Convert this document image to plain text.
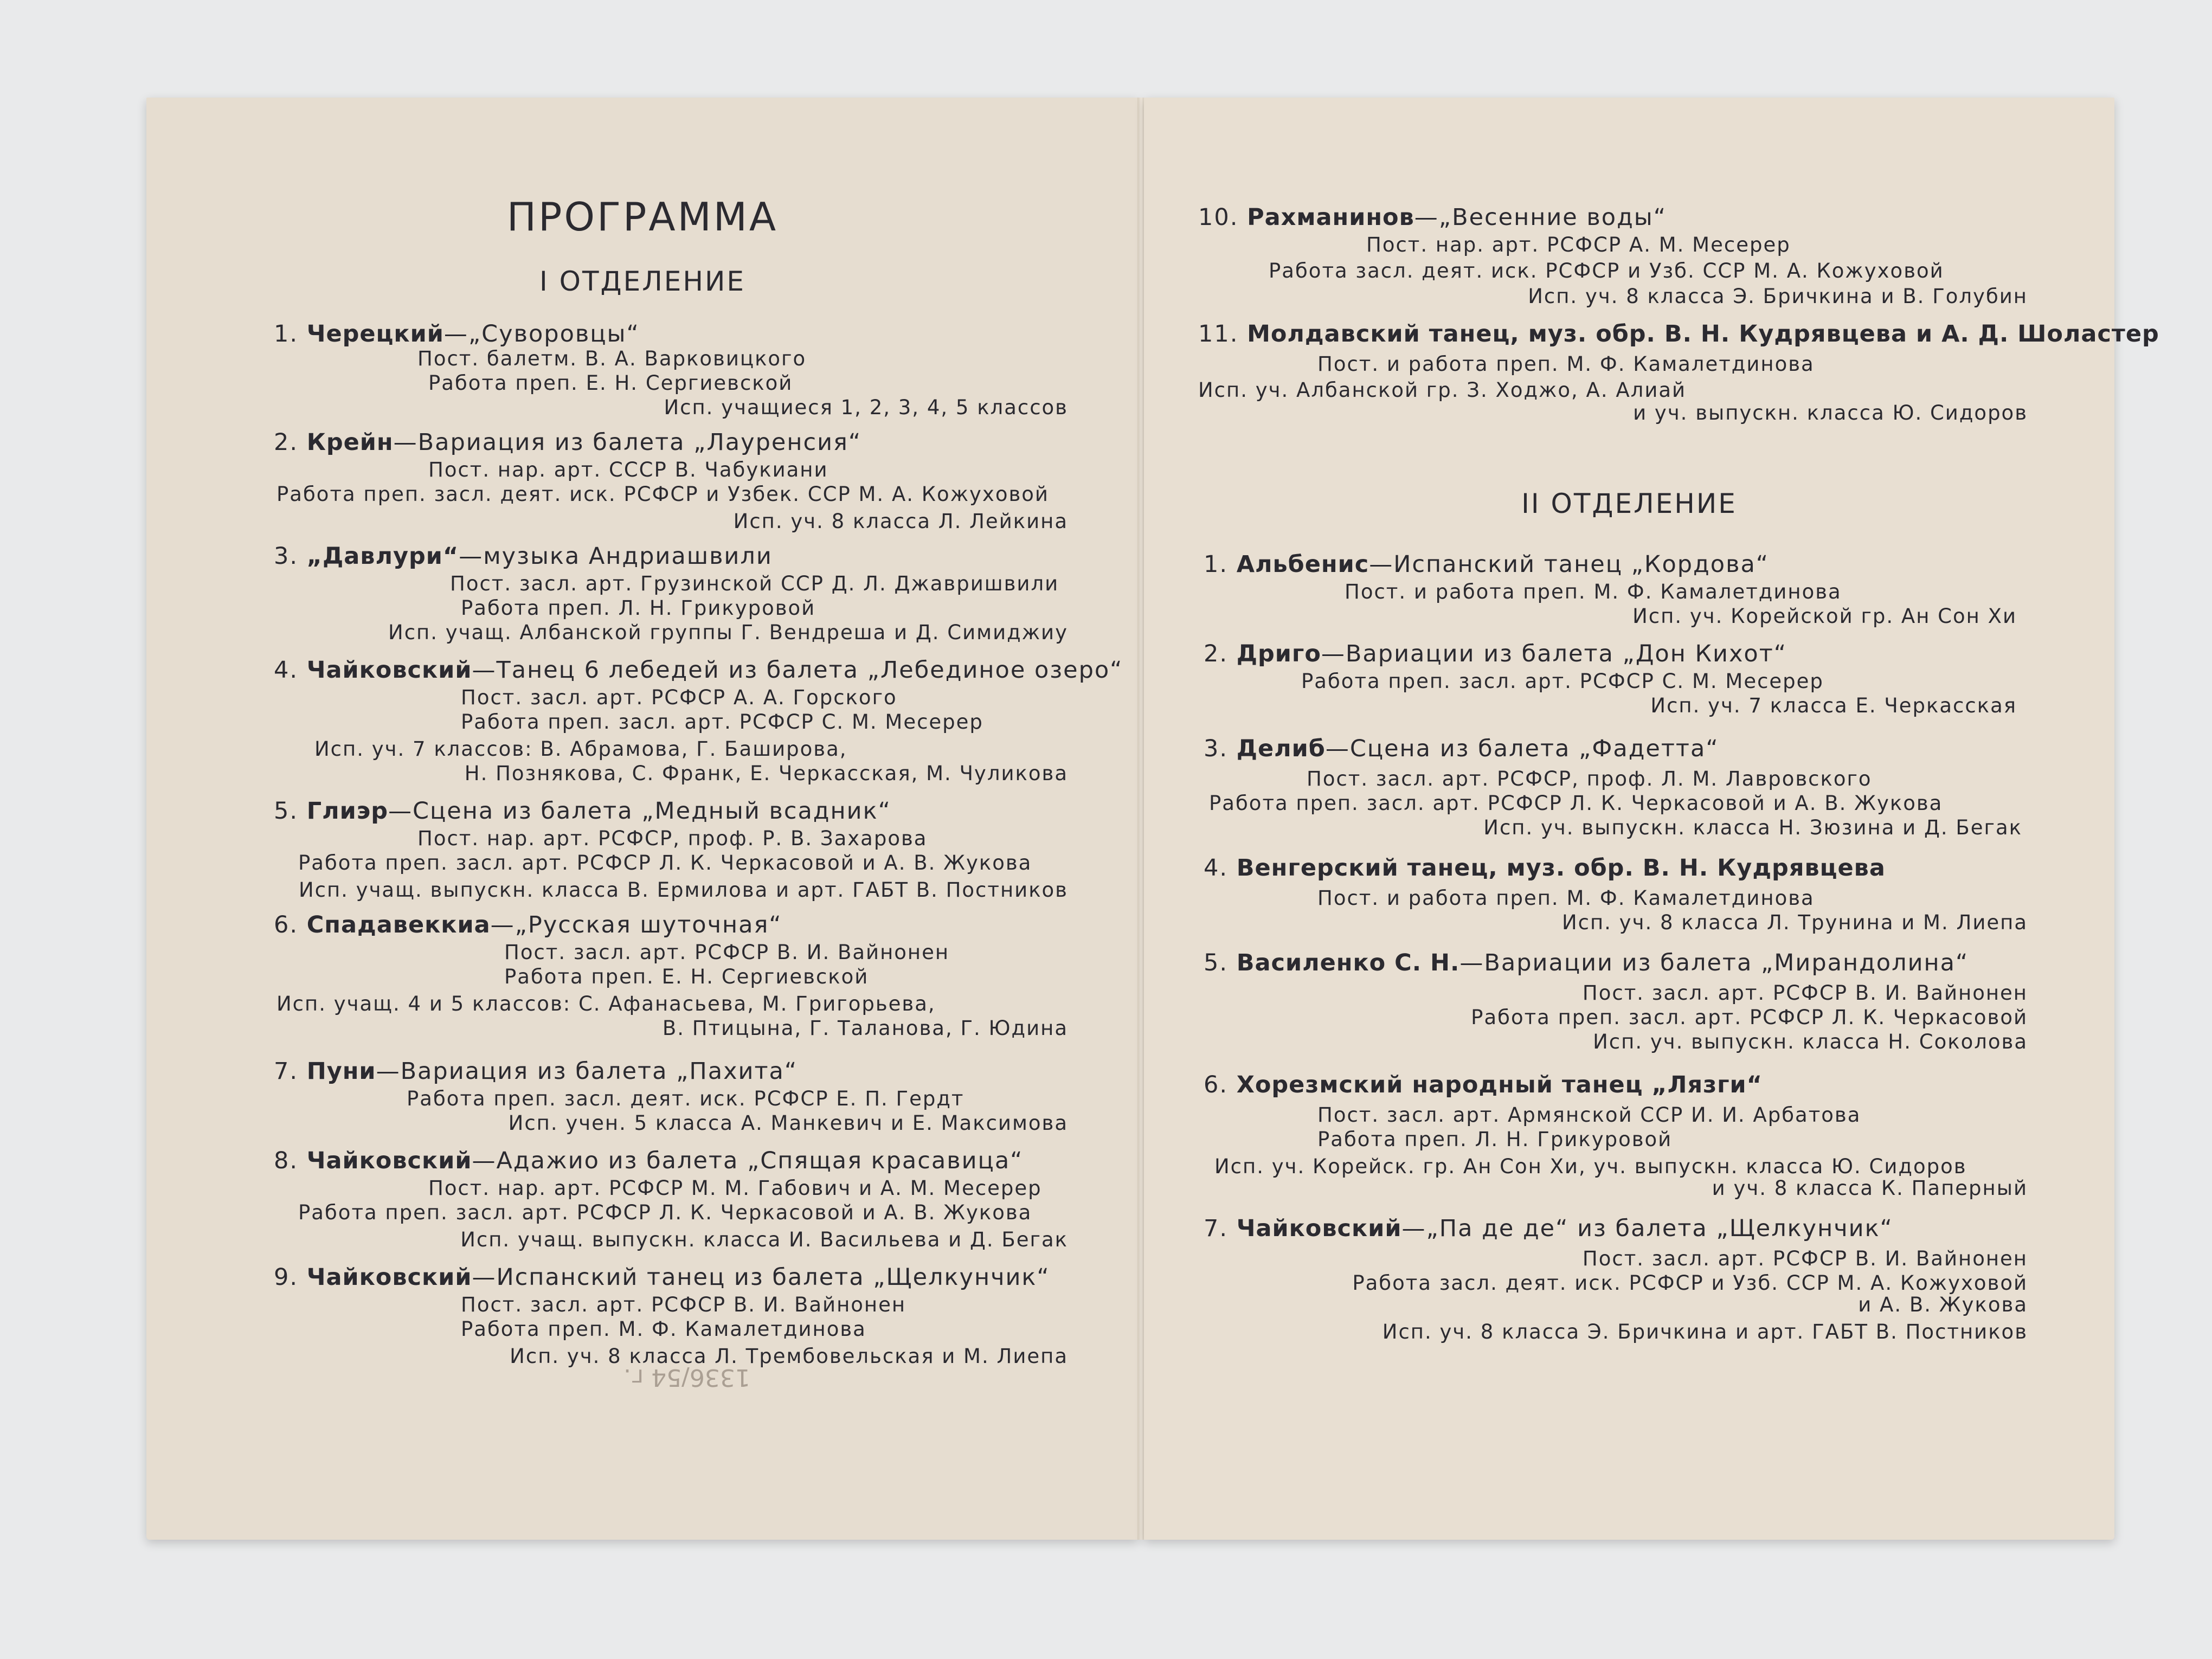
ПРОГРАММА
I ОТДЕЛЕНИЕ
1. Черецкий—„Суворовцы“
Пост. балетм. В. А. Варковицкого
Работа преп. Е. Н. Сергиевской
Исп. учащиеся 1, 2, 3, 4, 5 классов
2. Крейн—Вариация из балета „Лауренсия“
Пост. нар. арт. СССР В. Чабукиани
Работа преп. засл. деят. иск. РСФСР и Узбек. ССР М. А. Кожуховой
Исп. уч. 8 класса Л. Лейкина
3. „Давлури“—музыка Андриашвили
Пост. засл. арт. Грузинской ССР Д. Л. Джавришвили
Работа преп. Л. Н. Грикуровой
Исп. учащ. Албанской группы Г. Вендреша и Д. Симиджиу
4. Чайковский—Танец 6 лебедей из балета „Лебединое озеро“
Пост. засл. арт. РСФСР А. А. Горского
Работа преп. засл. арт. РСФСР С. М. Месерер
Исп. уч. 7 классов: В. Абрамова, Г. Баширова,
Н. Познякова, С. Франк, Е. Черкасская, М. Чуликова
5. Глиэр—Сцена из балета „Медный всадник“
Пост. нар. арт. РСФСР, проф. Р. В. Захарова
Работа преп. засл. арт. РСФСР Л. К. Черкасовой и А. В. Жукова
Исп. учащ. выпускн. класса В. Ермилова и арт. ГАБТ В. Постников
6. Спадавеккиа—„Русская шуточная“
Пост. засл. арт. РСФСР В. И. Вайнонен
Работа преп. Е. Н. Сергиевской
Исп. учащ. 4 и 5 классов: С. Афанасьева, М. Григорьева,
В. Птицына, Г. Таланова, Г. Юдина
7. Пуни—Вариация из балета „Пахита“
Работа преп. засл. деят. иск. РСФСР Е. П. Гердт
Исп. учен. 5 класса А. Манкевич и Е. Максимова
8. Чайковский—Адажио из балета „Спящая красавица“
Пост. нар. арт. РСФСР М. М. Габович и А. М. Месерер
Работа преп. засл. арт. РСФСР Л. К. Черкасовой и А. В. Жукова
Исп. учащ. выпускн. класса И. Васильева и Д. Бегак
9. Чайковский—Испанский танец из балета „Щелкунчик“
Пост. засл. арт. РСФСР В. И. Вайнонен
Работа преп. М. Ф. Камалетдинова
Исп. уч. 8 класса Л. Трембовельская и М. Лиепа
1336/54 г.
10. Рахманинов—„Весенние воды“
Пост. нар. арт. РСФСР А. М. Месерер
Работа засл. деят. иск. РСФСР и Узб. ССР М. А. Кожуховой
Исп. уч. 8 класса Э. Бричкина и В. Голубин
11. Молдавский танец, муз. обр. В. Н. Кудрявцева и А. Д. Шоластер
Пост. и работа преп. М. Ф. Камалетдинова
Исп. уч. Албанской гр. З. Ходжо, А. Алиай
и уч. выпускн. класса Ю. Сидоров
II ОТДЕЛЕНИЕ
1. Альбенис—Испанский танец „Кордова“
Пост. и работа преп. М. Ф. Камалетдинова
Исп. уч. Корейской гр. Ан Сон Хи
2. Дриго—Вариации из балета „Дон Кихот“
Работа преп. засл. арт. РСФСР С. М. Месерер
Исп. уч. 7 класса Е. Черкасская
3. Делиб—Сцена из балета „Фадетта“
Пост. засл. арт. РСФСР, проф. Л. М. Лавровского
Работа преп. засл. арт. РСФСР Л. К. Черкасовой и А. В. Жукова
Исп. уч. выпускн. класса Н. Зюзина и Д. Бегак
4. Венгерский танец, муз. обр. В. Н. Кудрявцева
Пост. и работа преп. М. Ф. Камалетдинова
Исп. уч. 8 класса Л. Трунина и М. Лиепа
5. Василенко С. Н.—Вариации из балета „Мирандолина“
Пост. засл. арт. РСФСР В. И. Вайнонен
Работа преп. засл. арт. РСФСР Л. К. Черкасовой
Исп. уч. выпускн. класса Н. Соколова
6. Хорезмский народный танец „Лязги“
Пост. засл. арт. Армянской ССР И. И. Арбатова
Работа преп. Л. Н. Грикуровой
Исп. уч. Корейск. гр. Ан Сон Хи, уч. выпускн. класса Ю. Сидоров
и уч. 8 класса К. Паперный
7. Чайковский—„Па де де“ из балета „Щелкунчик“
Пост. засл. арт. РСФСР В. И. Вайнонен
Работа засл. деят. иск. РСФСР и Узб. ССР М. А. Кожуховой
и А. В. Жукова
Исп. уч. 8 класса Э. Бричкина и арт. ГАБТ В. Постников
